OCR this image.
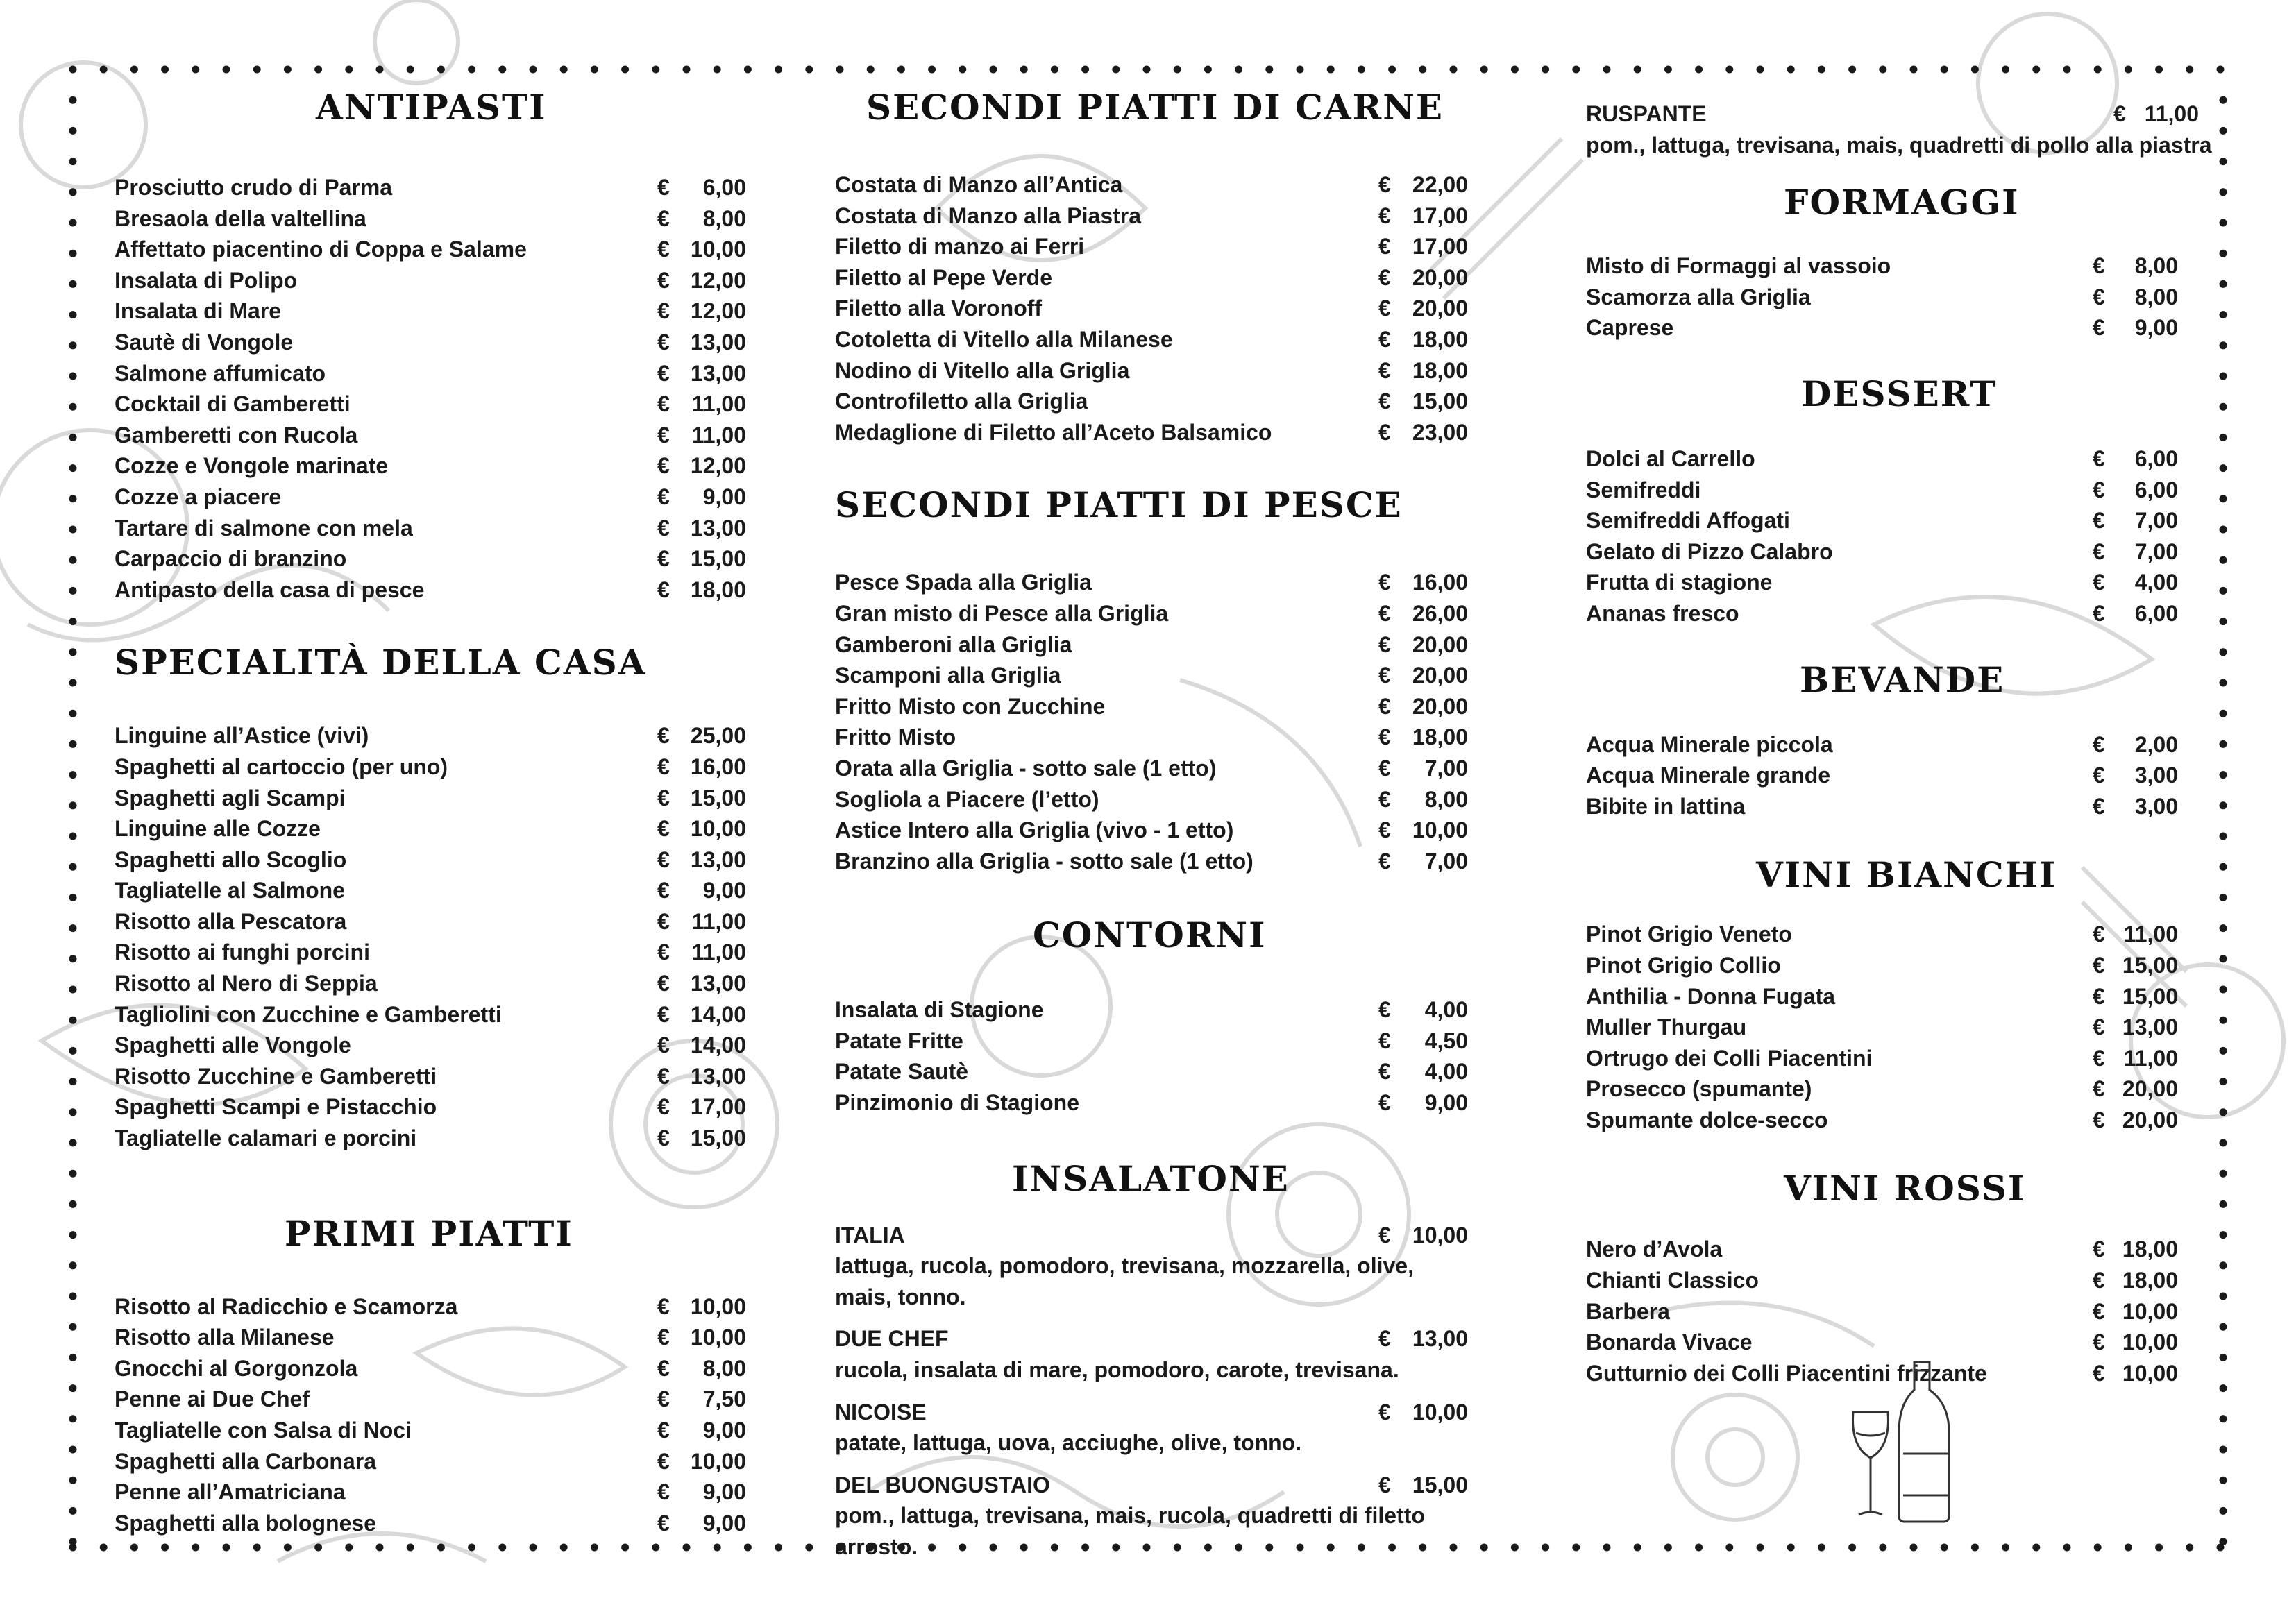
ANTIPASTI
Prosciutto crudo di Parma	€ 6,00
Bresaola della valtellina	€ 8,00
Affettato piacentino di Coppa e Salame	€ 10,00
Insalata di Polipo	€ 12,00
Insalata di Mare	€ 12,00
Sautè di Vongole	€ 13,00
Salmone affumicato	€ 13,00
Cocktail di Gamberetti	€ 11,00
Gamberetti con Rucola	€ 11,00
Cozze e Vongole marinate	€ 12,00
Cozze a piacere	€ 9,00
Tartare di salmone con mela	€ 13,00
Carpaccio di branzino	€ 15,00
Antipasto della casa di pesce	€ 18,00
SPECIALITÀ DELLA CASA
Linguine all’Astice (vivi)	€ 25,00
Spaghetti al cartoccio (per uno)	€ 16,00
Spaghetti agli Scampi	€ 15,00
Linguine alle Cozze	€ 10,00
Spaghetti allo Scoglio	€ 13,00
Tagliatelle al Salmone	€ 9,00
Risotto alla Pescatora	€ 11,00
Risotto ai funghi porcini	€ 11,00
Risotto al Nero di Seppia	€ 13,00
Tagliolini con Zucchine e Gamberetti	€ 14,00
Spaghetti alle Vongole	€ 14,00
Risotto Zucchine e Gamberetti	€ 13,00
Spaghetti Scampi e Pistacchio	€ 17,00
Tagliatelle calamari e porcini	€ 15,00
PRIMI PIATTI
Risotto al Radicchio e Scamorza	€ 10,00
Risotto alla Milanese	€ 10,00
Gnocchi al Gorgonzola	€ 8,00
Penne ai Due Chef	€ 7,50
Tagliatelle con Salsa di Noci	€ 9,00
Spaghetti alla Carbonara	€ 10,00
Penne all’Amatriciana	€ 9,00
Spaghetti alla bolognese	€ 9,00
SECONDI PIATTI DI CARNE
Costata di Manzo all’Antica	€ 22,00
Costata di Manzo alla Piastra	€ 17,00
Filetto di manzo ai Ferri	€ 17,00
Filetto al Pepe Verde	€ 20,00
Filetto alla Voronoff	€ 20,00
Cotoletta di Vitello alla Milanese	€ 18,00
Nodino di Vitello alla Griglia	€ 18,00
Controfiletto alla Griglia	€ 15,00
Medaglione di Filetto all’Aceto Balsamico	€ 23,00
SECONDI PIATTI DI PESCE
Pesce Spada alla Griglia	€ 16,00
Gran misto di Pesce alla Griglia	€ 26,00
Gamberoni alla Griglia	€ 20,00
Scamponi alla Griglia	€ 20,00
Fritto Misto con Zucchine	€ 20,00
Fritto Misto	€ 18,00
Orata alla Griglia - sotto sale (1 etto)	€ 7,00
Sogliola a Piacere (l’etto)	€ 8,00
Astice Intero alla Griglia (vivo - 1 etto)	€ 10,00
Branzino alla Griglia - sotto sale (1 etto)	€ 7,00
CONTORNI
Insalata di Stagione	€ 4,00
Patate Fritte	€ 4,50
Patate Sautè	€ 4,00
Pinzimonio di Stagione	€ 9,00
INSALATONE
ITALIA	€ 10,00
lattuga, rucola, pomodoro, trevisana, mozzarella, olive, mais, tonno.
DUE CHEF	€ 13,00
rucola, insalata di mare, pomodoro, carote, trevisana.
NICOISE	€ 10,00
patate, lattuga, uova, acciughe, olive, tonno.
DEL BUONGUSTAIO	€ 15,00
pom., lattuga, trevisana, mais, rucola, quadretti di filetto arrosto.
RUSPANTE	€ 11,00
pom., lattuga, trevisana, mais, quadretti di pollo alla piastra
FORMAGGI
Misto di Formaggi al vassoio	€ 8,00
Scamorza alla Griglia	€ 8,00
Caprese	€ 9,00
DESSERT
Dolci al Carrello	€ 6,00
Semifreddi	€ 6,00
Semifreddi Affogati	€ 7,00
Gelato di Pizzo Calabro	€ 7,00
Frutta di stagione	€ 4,00
Ananas fresco	€ 6,00
BEVANDE
Acqua Minerale piccola	€ 2,00
Acqua Minerale grande	€ 3,00
Bibite in lattina	€ 3,00
VINI BIANCHI
Pinot Grigio Veneto	€ 11,00
Pinot Grigio Collio	€ 15,00
Anthilia - Donna Fugata	€ 15,00
Muller Thurgau	€ 13,00
Ortrugo dei Colli Piacentini	€ 11,00
Prosecco (spumante)	€ 20,00
Spumante dolce-secco	€ 20,00
VINI ROSSI
Nero d’Avola	€ 18,00
Chianti Classico	€ 18,00
Barbera	€ 10,00
Bonarda Vivace	€ 10,00
Gutturnio dei Colli Piacentini frizzante	€ 10,00
